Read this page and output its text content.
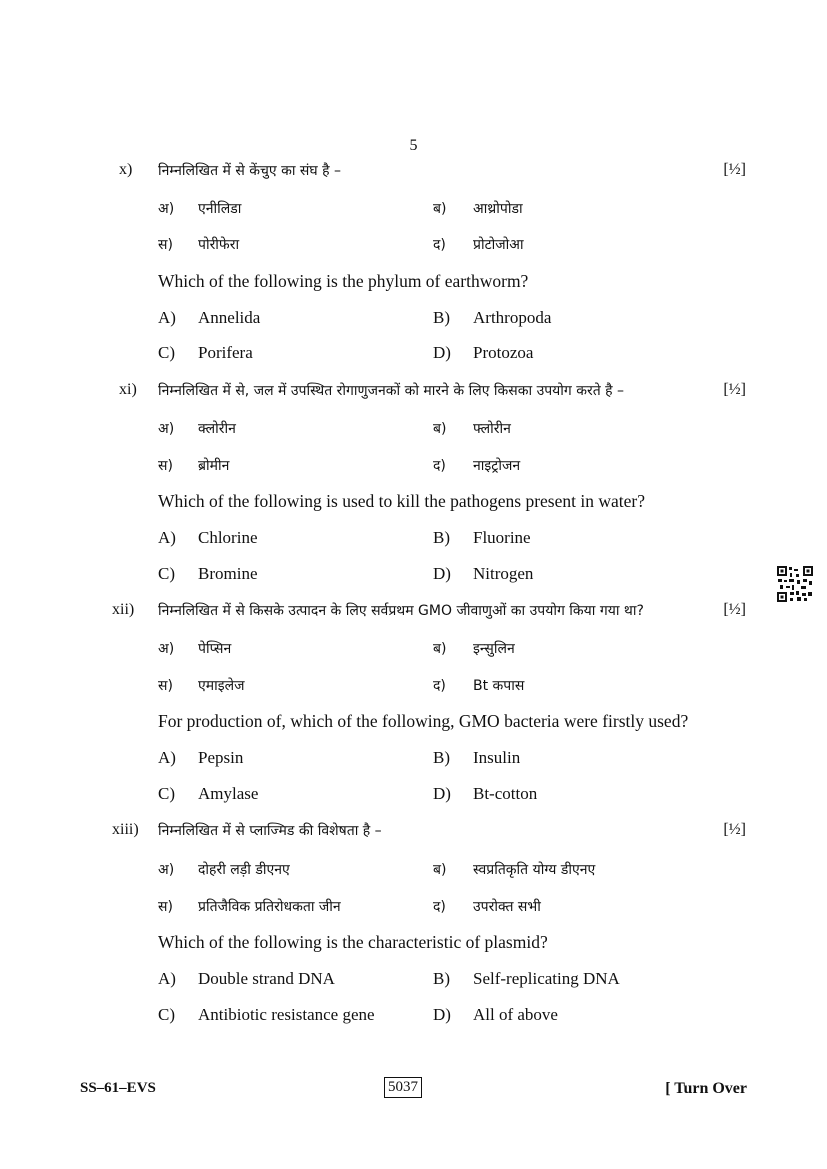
5
x) निम्नलिखित में से केंचुए का संघ है –	[½]
अ) एनीलिडा	ब) आथ्रोपोडा
स) पोरीफेरा	द) प्रोटोजोआ
Which of the following is the phylum of earthworm?
A) Annelida	B) Arthropoda
C) Porifera	D) Protozoa
xi) निम्नलिखित में से, जल में उपस्थित रोगाणुजनकों को मारने के लिए किसका उपयोग करते है –	[½]
अ) क्लोरीन	ब) फ्लोरीन
स) ब्रोमीन	द) नाइट्रोजन
Which of the following is used to kill the pathogens present in water?
A) Chlorine	B) Fluorine
C) Bromine	D) Nitrogen
xii) निम्नलिखित में से किसके उत्पादन के लिए सर्वप्रथम GMO जीवाणुओं का उपयोग किया गया था?	[½]
अ) पेप्सिन	ब) इन्सुलिन
स) एमाइलेज	द) Bt कपास
For production of, which of the following, GMO bacteria were firstly used?
A) Pepsin	B) Insulin
C) Amylase	D) Bt-cotton
xiii) निम्नलिखित में से प्लाज्मिड की विशेषता है –	[½]
अ) दोहरी लड़ी डीएनए	ब) स्वप्रतिकृति योग्य डीएनए
स) प्रतिजैविक प्रतिरोधकता जीन	द) उपरोक्त सभी
Which of the following is the characteristic of plasmid?
A) Double strand DNA	B) Self-replicating DNA
C) Antibiotic resistance gene	D) All of above
SS–61–EVS	5037	[ Turn Over
